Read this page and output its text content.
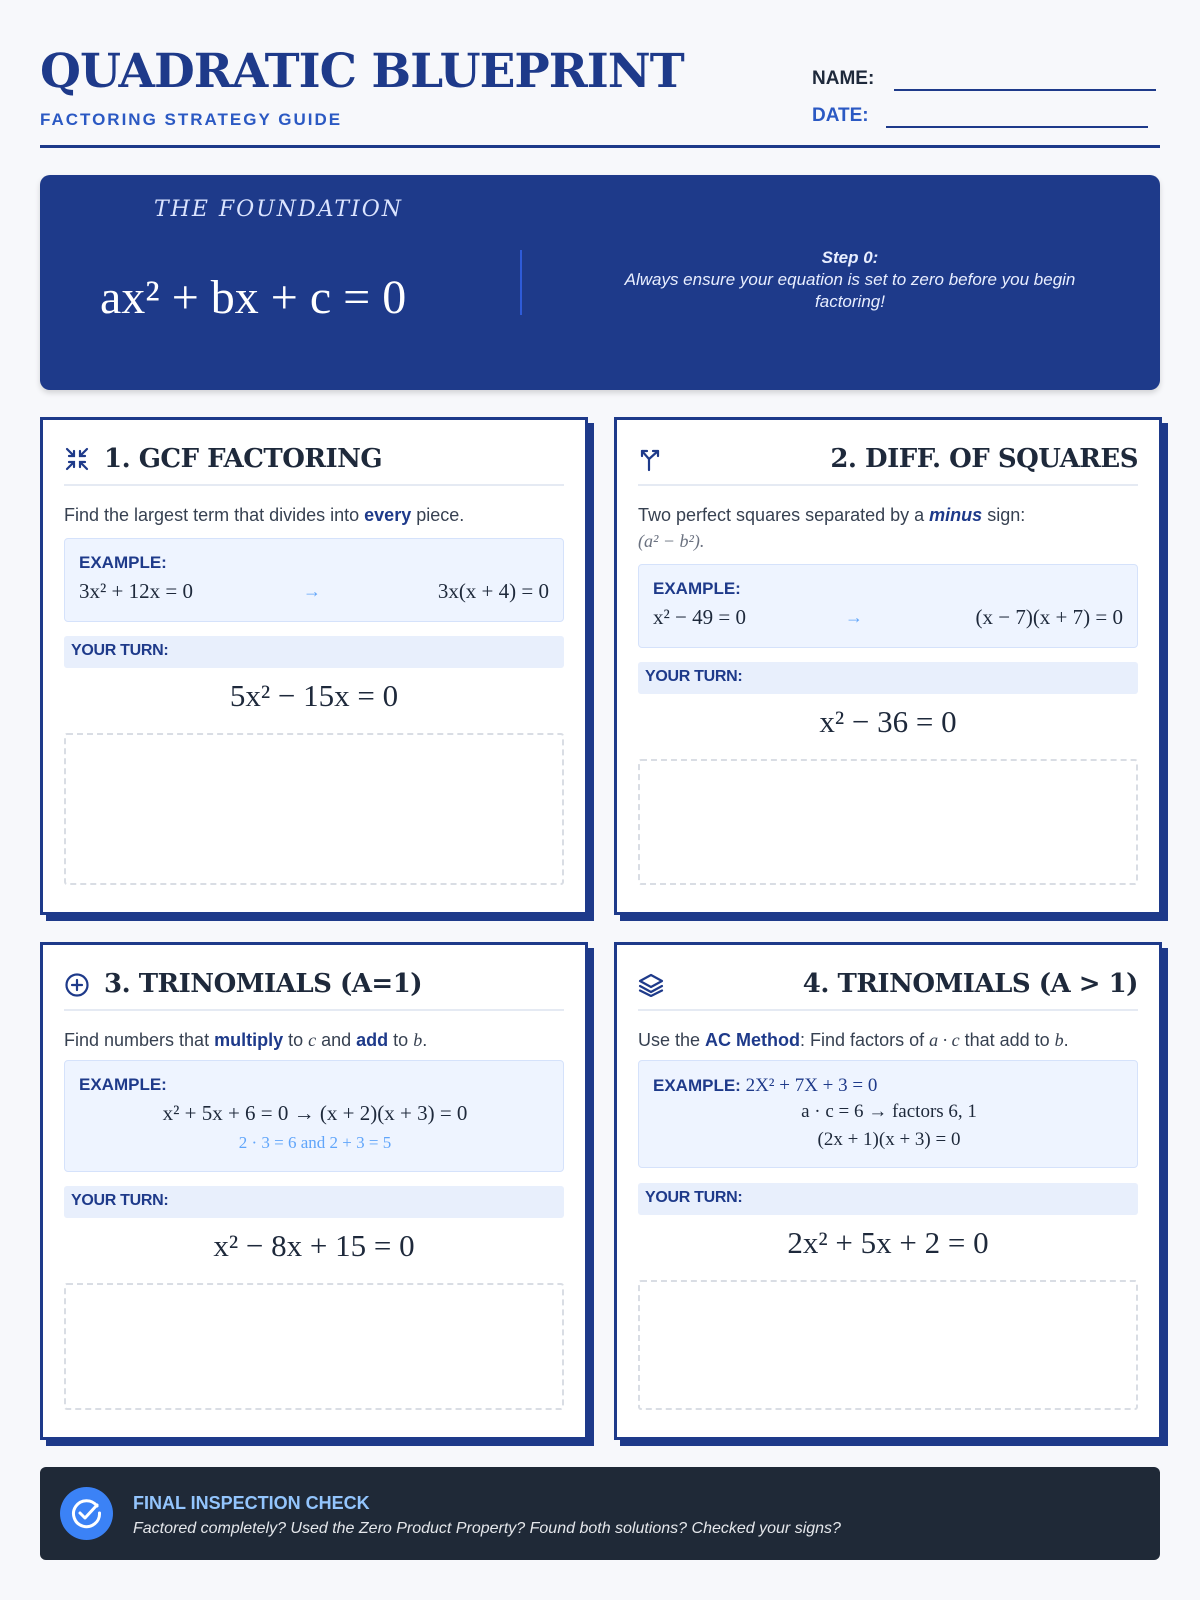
QUADRATIC BLUEPRINT
FACTORING STRATEGY GUIDE
NAME:
DATE:
THE FOUNDATION
ax² + bx + c = 0
Step 0:
Always ensure your equation is set to zero before you begin factoring!
1. GCF FACTORING
Find the largest term that divides into every piece.
EXAMPLE:
3x² + 12x = 0	→	3x(x + 4) = 0
YOUR TURN:
5x² − 15x = 0
2. DIFF. OF SQUARES
Two perfect squares separated by a minus sign:
(a² − b²).
EXAMPLE:
x² − 49 = 0	→	(x − 7)(x + 7) = 0
YOUR TURN:
x² − 36 = 0
3. TRINOMIALS (A=1)
Find numbers that multiply to c and add to b.
EXAMPLE:
x² + 5x + 6 = 0 → (x + 2)(x + 3) = 0
2 · 3 = 6 and 2 + 3 = 5
YOUR TURN:
x² − 8x + 15 = 0
4. TRINOMIALS (A > 1)
Use the AC Method: Find factors of a · c that add to b.
EXAMPLE: 2X² + 7X + 3 = 0
a · c = 6 → factors 6, 1
(2x + 1)(x + 3) = 0
YOUR TURN:
2x² + 5x + 2 = 0
FINAL INSPECTION CHECK
Factored completely? Used the Zero Product Property? Found both solutions? Checked your signs?
